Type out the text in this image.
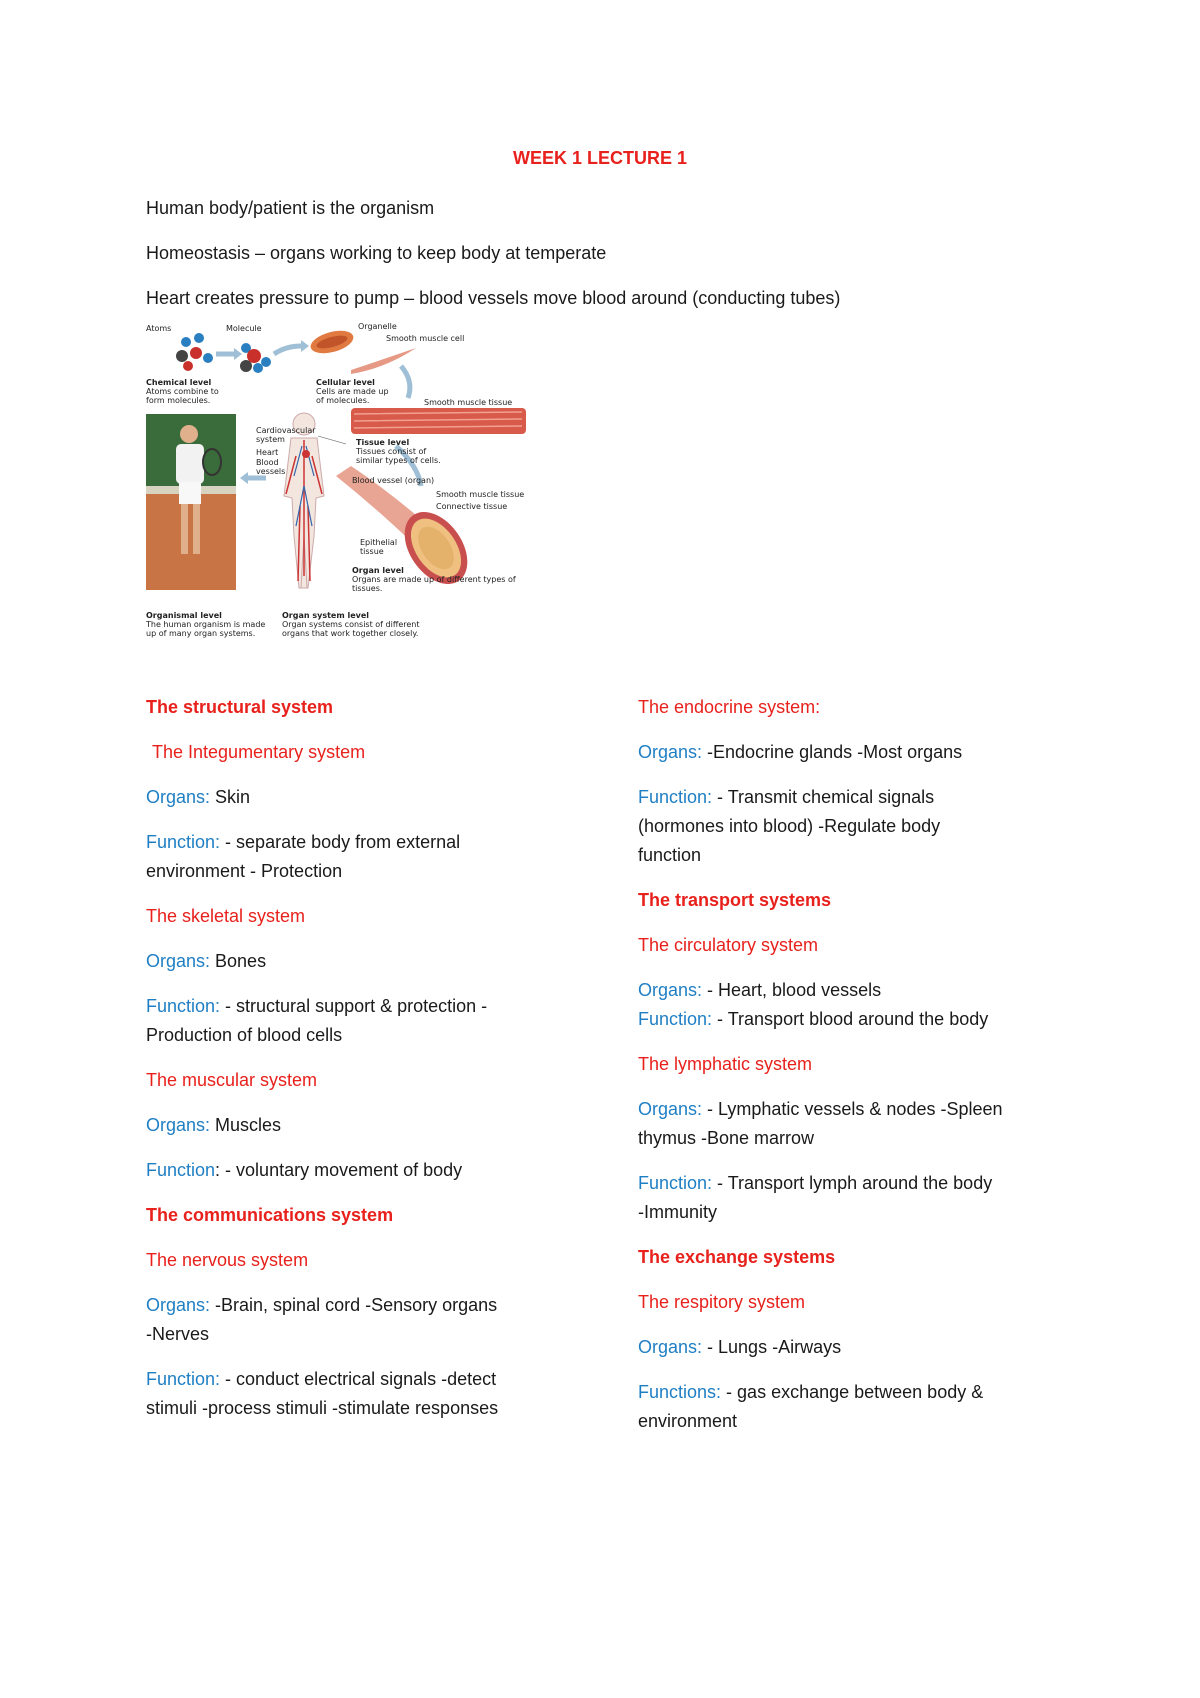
WEEK 1 LECTURE 1
Human body/patient is the organism
Homeostasis – organs working to keep body at temperate
Heart creates pressure to pump – blood vessels move blood around (conducting tubes)
Atoms	Molecule	Organelle
Smooth muscle cell
Chemical level
Atoms combine to form molecules.
Cellular level
Cells are made up of molecules.	Smooth muscle tissue
Cardiovascular system
Heart
Blood vessels
Tissue level
Tissues consist of similar types of cells.
Blood vessel (organ)
Smooth muscle tissue
Connective tissue
Epithelial tissue
Organ level
Organs are made up of different types of tissues.
Organismal level
The human organism is made up of many organ systems.
Organ system level
Organ systems consist of different organs that work together closely.

The structural system

The Integumentary system

Organs: Skin

Function: - separate body from external

environment - Protection

The skeletal system

Organs: Bones

Function: - structural support & protection -

Production of blood cells

The muscular system

Organs: Muscles

Function: - voluntary movement of body

The communications system

The nervous system

Organs: -Brain, spinal cord -Sensory organs

-Nerves

Function: - conduct electrical signals -detect

stimuli -process stimuli -stimulate responses

The endocrine system:

Organs: -Endocrine glands -Most organs

Function: - Transmit chemical signals

(hormones into blood) -Regulate body

function

The transport systems

The circulatory system

Organs: - Heart, blood vessels

Function: - Transport blood around the body

The lymphatic system

Organs: - Lymphatic vessels & nodes -Spleen

thymus -Bone marrow

Function: - Transport lymph around the body

-Immunity

The exchange systems

The respitory system

Organs: - Lungs -Airways

Functions: - gas exchange between body &

environment
